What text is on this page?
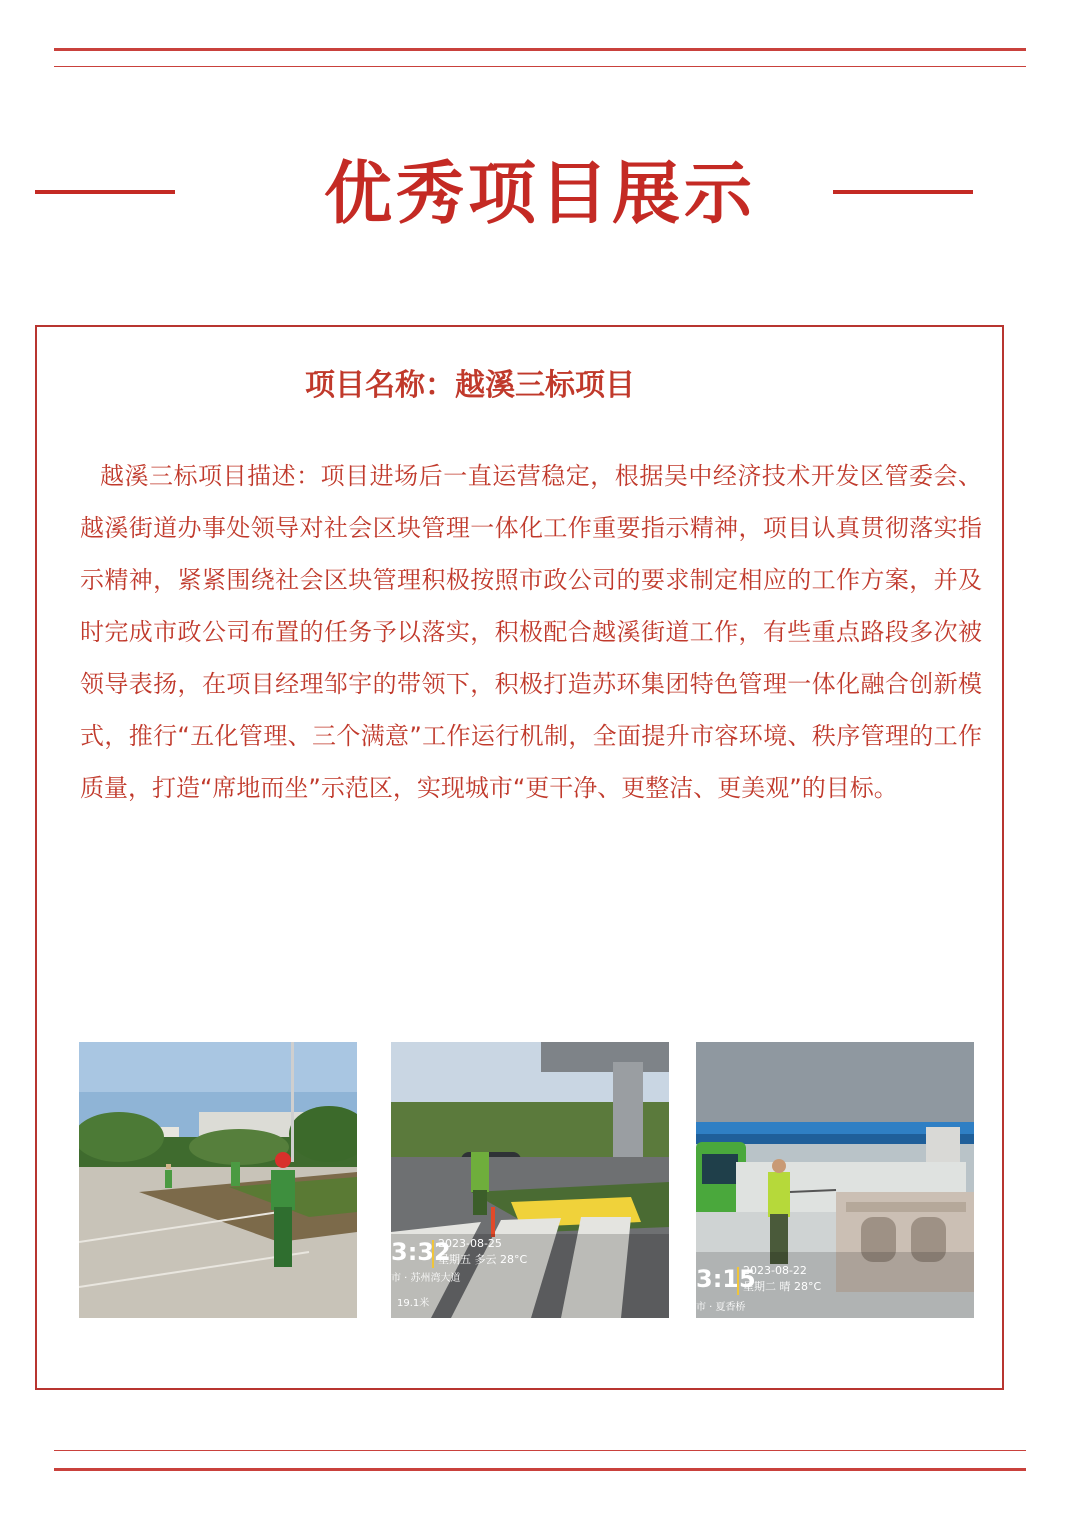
优秀项目展示
项目名称：越溪三标项目

越溪三标项目描述：项目进场后一直运营稳定，根据吴中经济技术开发区管委会、越溪街道办事处领导对社会区块管理一体化工作重要指示精神，项目认真贯彻落实指示精神，紧紧围绕社会区块管理积极按照市政公司的要求制定相应的工作方案，并及时完成市政公司布置的任务予以落实，积极配合越溪街道工作，有些重点路段多次被领导表扬，在项目经理邹宇的带领下，积极打造苏环集团特色管理一体化融合创新模式，推行“五化管理、三个满意”工作运行机制，全面提升市容环境、秩序管理的工作质量，打造“席地而坐”示范区，实现城市“更干净、更整洁、更美观”的目标。

3:32
2023-08-25
星期五 多云 28°C
市 · 苏州湾大道
19.1米
3:15
2023-08-22
星期二 晴 28°C
市 · 夏香桥
